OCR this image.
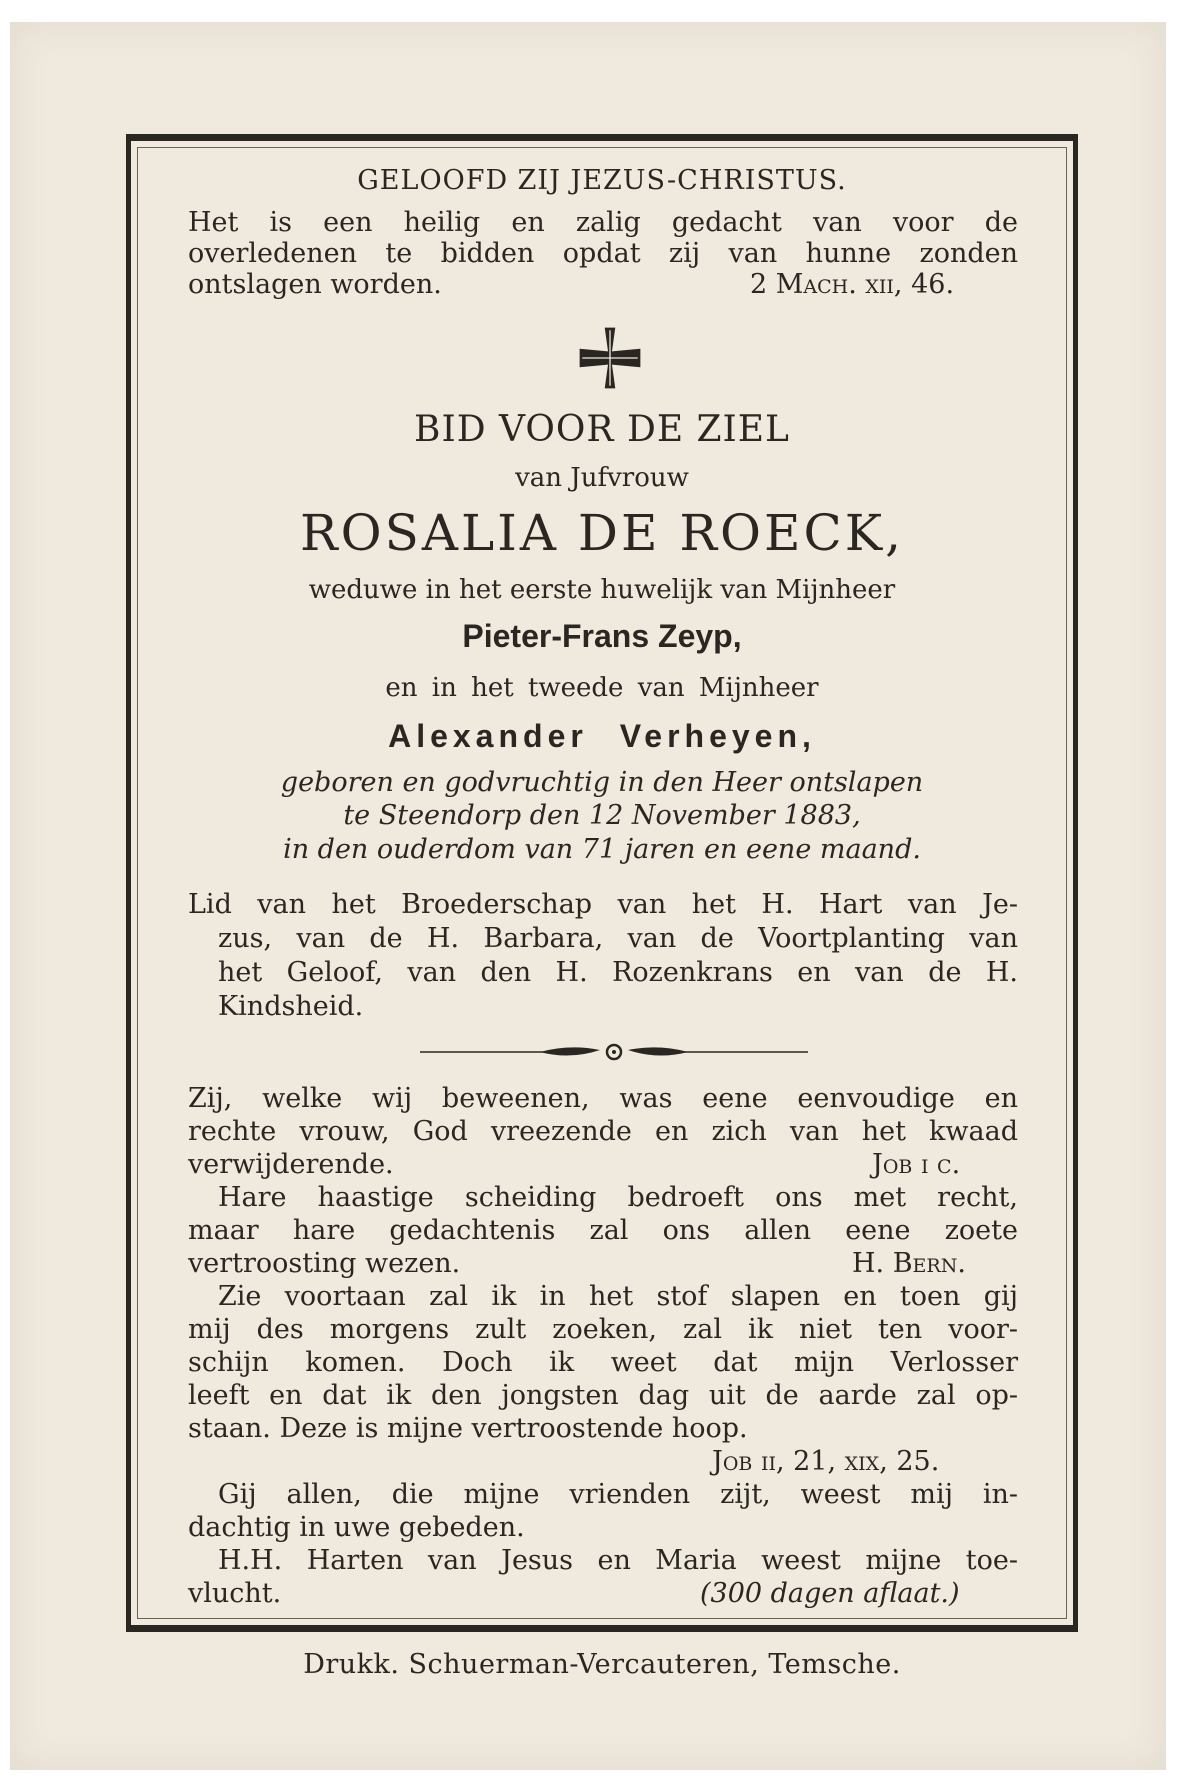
GELOOFD ZIJ JEZUS-CHRISTUS.

Het is een heilig en zalig gedacht van voor de

overledenen te bidden opdat zij van hunne zonden

ontslagen worden.	2 Mach. xii, 46.

BID VOOR DE ZIEL

van Jufvrouw

ROSALIA DE ROECK,

weduwe in het eerste huwelijk van Mijnheer

Pieter-Frans Zeyp,

en in het tweede van Mijnheer

Alexander Verheyen,

geboren en godvruchtig in den Heer ontslapen

te Steendorp den 12 November 1883,

in den ouderdom van 71 jaren en eene maand.

Lid van het Broederschap van het H. Hart van Je-

zus, van de H. Barbara, van de Voortplanting van

het Geloof, van den H. Rozenkrans en van de H.

Kindsheid.

Zij, welke wij beweenen, was eene eenvoudige en

rechte vrouw, God vreezende en zich van het kwaad

verwijderende.	Job i c.

Hare haastige scheiding bedroeft ons met recht,

maar hare gedachtenis zal ons allen eene zoete

vertroosting wezen.	H. Bern.

Zie voortaan zal ik in het stof slapen en toen gij

mij des morgens zult zoeken, zal ik niet ten voor-

schijn komen. Doch ik weet dat mijn Verlosser

leeft en dat ik den jongsten dag uit de aarde zal op-

staan. Deze is mijne vertroostende hoop.

Job ii, 21, xix, 25.

Gij allen, die mijne vrienden zijt, weest mij in-

dachtig in uwe gebeden.

H.H. Harten van Jesus en Maria weest mijne toe-

vlucht.	(300 dagen aflaat.)

Drukk. Schuerman-Vercauteren, Temsche.
